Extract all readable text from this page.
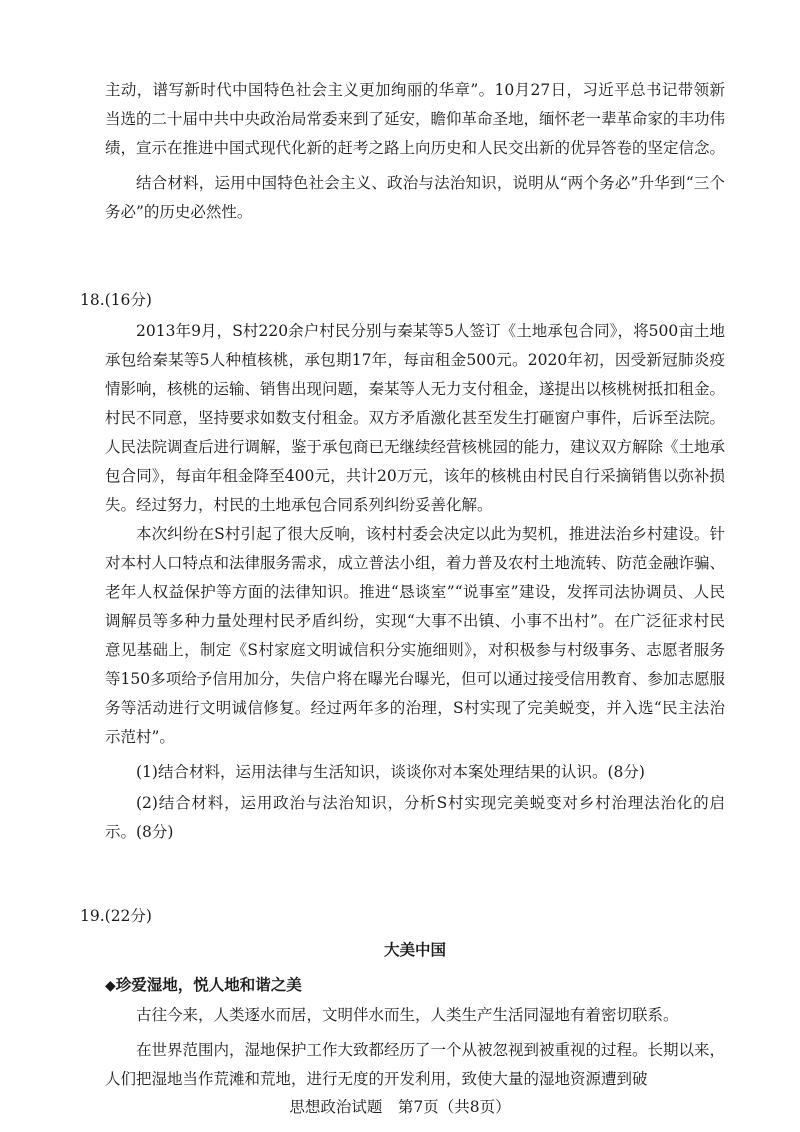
主动，谱写新时代中国特色社会主义更加绚丽的华章”。10月27日，习近平总书记带领新当选的二十届中共中央政治局常委来到了延安，瞻仰革命圣地，缅怀老一辈革命家的丰功伟绩，宣示在推进中国式现代化新的赶考之路上向历史和人民交出新的优异答卷的坚定信念。

结合材料，运用中国特色社会主义、政治与法治知识，说明从“两个务必”升华到“三个务必”的历史必然性。

18.(16分)

2013年9月，S村220余户村民分别与秦某等5人签订《土地承包合同》，将500亩土地承包给秦某等5人种植核桃，承包期17年，每亩租金500元。2020年初，因受新冠肺炎疫情影响，核桃的运输、销售出现问题，秦某等人无力支付租金，遂提出以核桃树抵扣租金。村民不同意，坚持要求如数支付租金。双方矛盾激化甚至发生打砸窗户事件，后诉至法院。人民法院调查后进行调解，鉴于承包商已无继续经营核桃园的能力，建议双方解除《土地承包合同》，每亩年租金降至400元，共计20万元，该年的核桃由村民自行采摘销售以弥补损失。经过努力，村民的土地承包合同系列纠纷妥善化解。

本次纠纷在S村引起了很大反响，该村村委会决定以此为契机，推进法治乡村建设。针对本村人口特点和法律服务需求，成立普法小组，着力普及农村土地流转、防范金融诈骗、老年人权益保护等方面的法律知识。推进“恳谈室”“说事室”建设，发挥司法协调员、人民调解员等多种力量处理村民矛盾纠纷，实现“大事不出镇、小事不出村”。在广泛征求村民意见基础上，制定《S村家庭文明诚信积分实施细则》，对积极参与村级事务、志愿者服务等150多项给予信用加分，失信户将在曝光台曝光，但可以通过接受信用教育、参加志愿服务等活动进行文明诚信修复。经过两年多的治理，S村实现了完美蜕变，并入选“民主法治示范村”。

(1)结合材料，运用法律与生活知识，谈谈你对本案处理结果的认识。(8分)

(2)结合材料，运用政治与法治知识，分析S村实现完美蜕变对乡村治理法治化的启示。(8分)

19.(22分)
大美中国
◆珍爱湿地，悦人地和谐之美

古往今来，人类逐水而居，文明伴水而生，人类生产生活同湿地有着密切联系。

在世界范围内，湿地保护工作大致都经历了一个从被忽视到被重视的过程。长期以来，人们把湿地当作荒滩和荒地，进行无度的开发利用，致使大量的湿地资源遭到破

思想政治试题　第7页（共8页）
